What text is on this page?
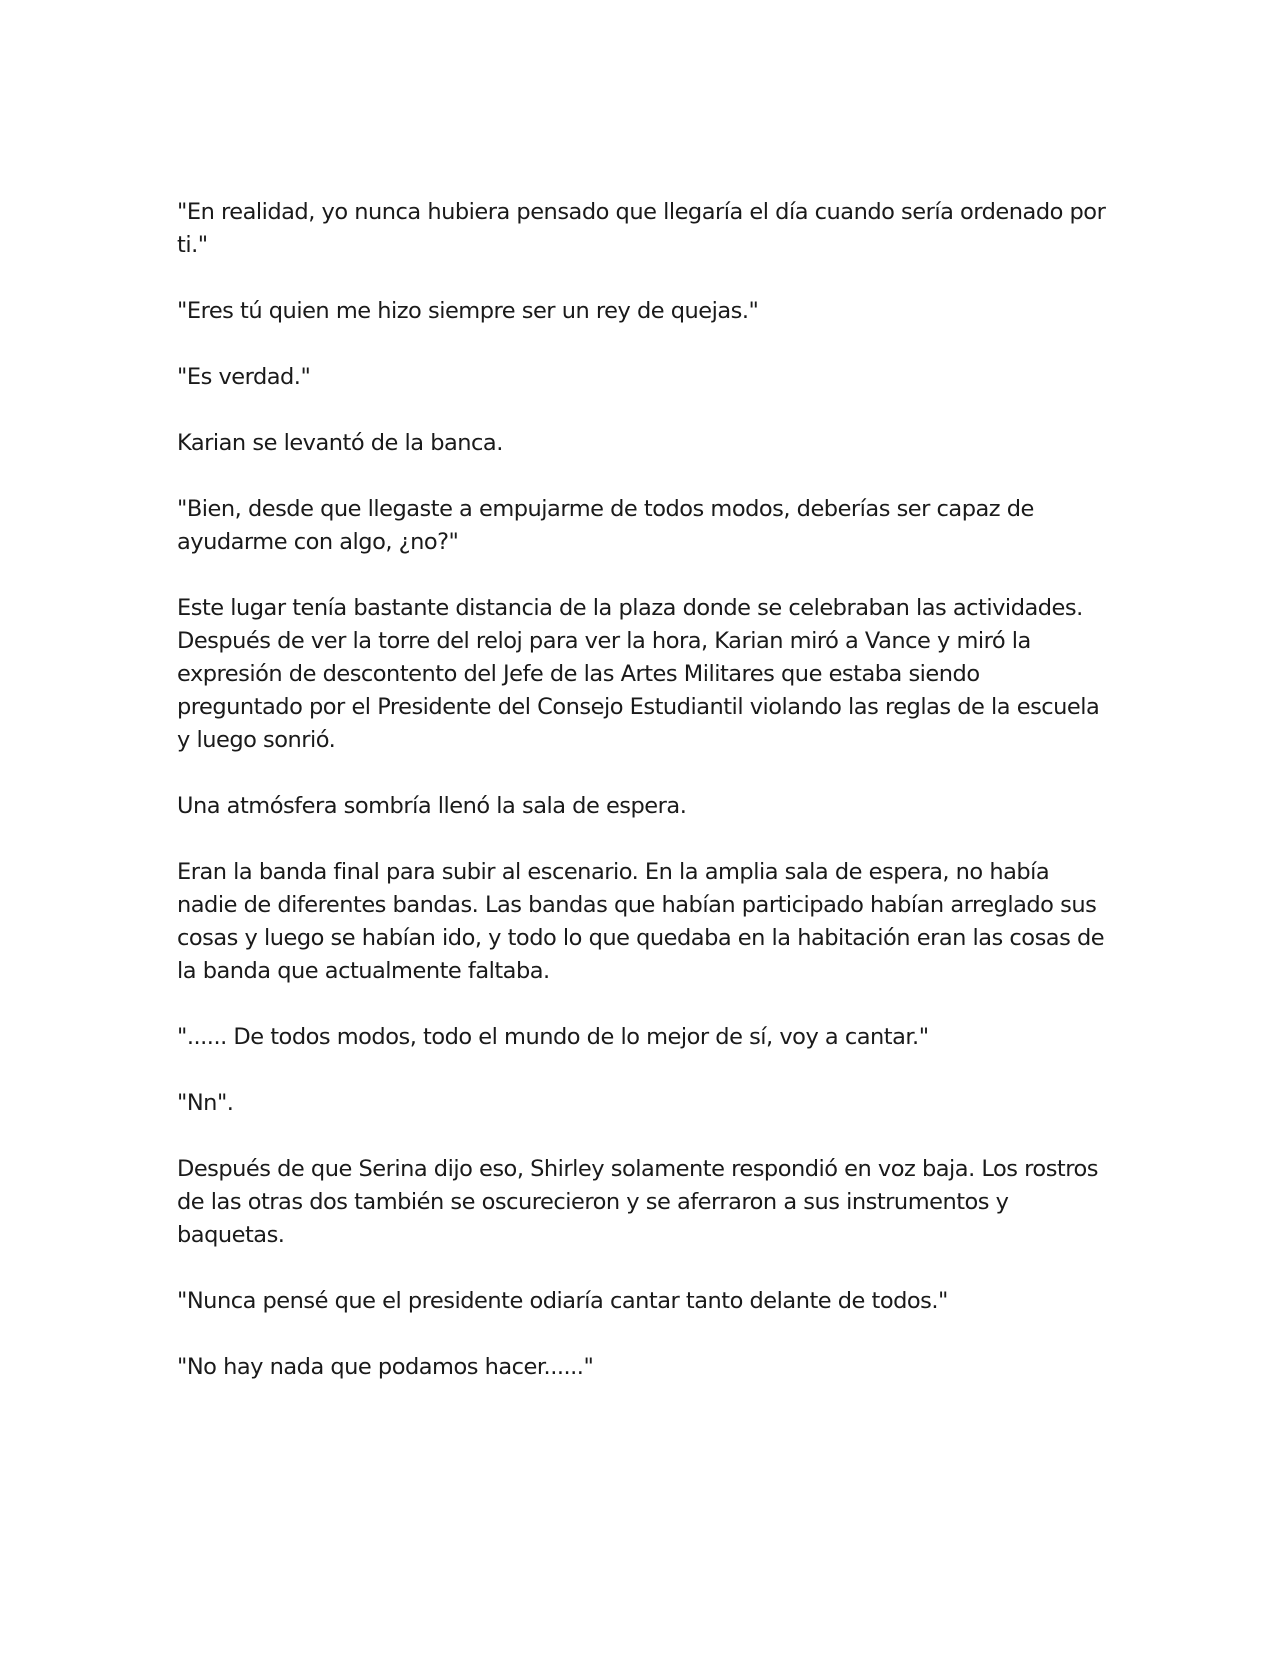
"En realidad, yo nunca hubiera pensado que llegaría el día cuando sería ordenado por ti."

"Eres tú quien me hizo siempre ser un rey de quejas."

"Es verdad."

Karian se levantó de la banca.

"Bien, desde que llegaste a empujarme de todos modos, deberías ser capaz de ayudarme con algo, ¿no?"

Este lugar tenía bastante distancia de la plaza donde se celebraban las actividades. Después de ver la torre del reloj para ver la hora, Karian miró a Vance y miró la expresión de descontento del Jefe de las Artes Militares que estaba siendo preguntado por el Presidente del Consejo Estudiantil violando las reglas de la escuela y luego sonrió.

Una atmósfera sombría llenó la sala de espera.

Eran la banda final para subir al escenario. En la amplia sala de espera, no había nadie de diferentes bandas. Las bandas que habían participado habían arreglado sus cosas y luego se habían ido, y todo lo que quedaba en la habitación eran las cosas de la banda que actualmente faltaba.

"...... De todos modos, todo el mundo de lo mejor de sí, voy a cantar."

"Nn".

Después de que Serina dijo eso, Shirley solamente respondió en voz baja. Los rostros de las otras dos también se oscurecieron y se aferraron a sus instrumentos y baquetas.

"Nunca pensé que el presidente odiaría cantar tanto delante de todos."

"No hay nada que podamos hacer......"
